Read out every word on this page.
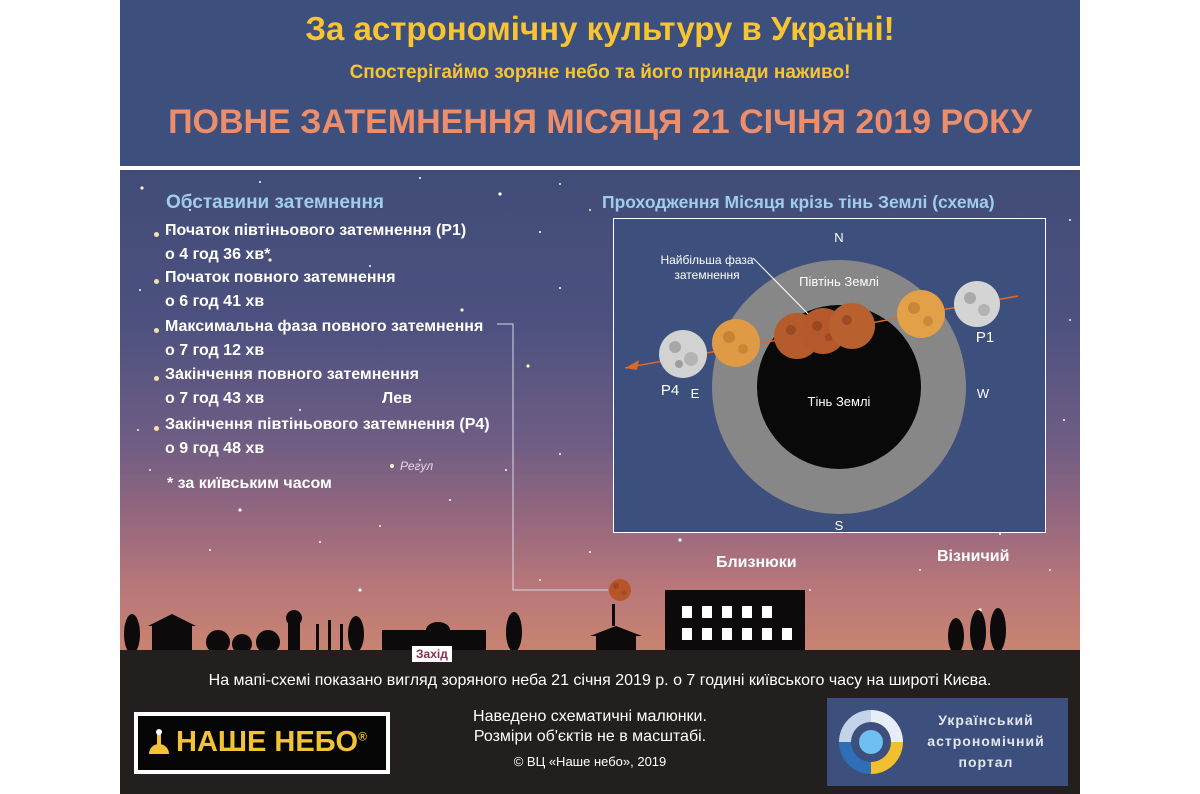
За астрономічну культуру в Україні!
Спостерігаймо зоряне небо та його принади наживо!
ПОВНЕ ЗАТЕМНЕННЯ МІСЯЦЯ 21 СІЧНЯ 2019 РОКУ
Обставини затемнення
Початок півтіньового затемнення (P1)
о 4 год 36 хв*
Початок повного затемнення
о 6 год 41 хв
Максимальна фаза повного затемнення
о 7 год 12 хв
Закінчення повного затемнення
о 7 год 43 хв
Закінчення півтіньового затемнення (P4)
о 9 год 48 хв
* за київським часом
Лев
Регул
Близнюки	Візничий
Проходження Місяця крізь тінь Землі (схема)
N
S
E	W
Найбільша фаза
затемнення	Півтінь Землі
Тінь Землі
P1
P4
Захід
На мапі-схемі показано вигляд зоряного неба 21 січня 2019 р. о 7 годині київського часу на широті Києва.
НАШЕ НЕБО®
Наведено схематичні малюнки.
Розміри об'єктів не в масштабі.
© ВЦ «Наше небо», 2019
Український
астрономічний
портал
